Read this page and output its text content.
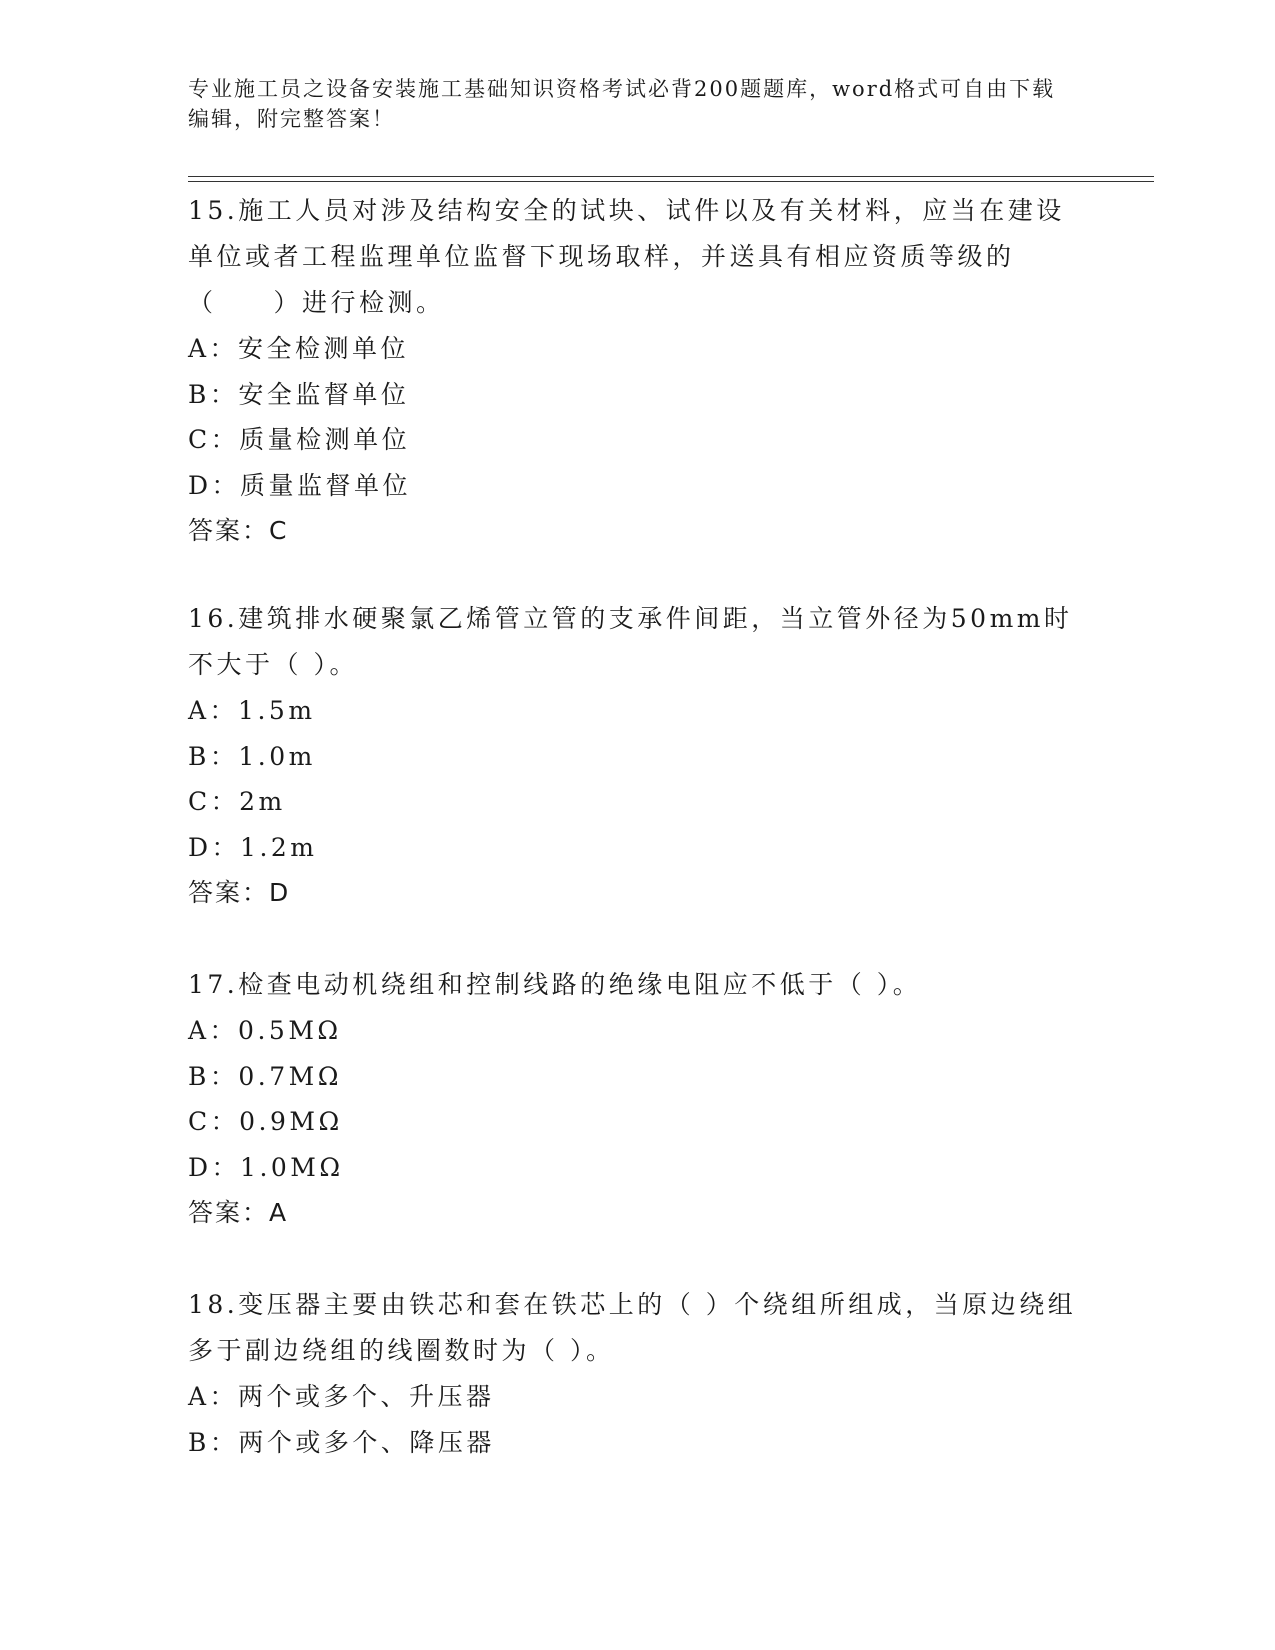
专业施工员之设备安装施工基础知识资格考试必背200题题库，word格式可自由下载编辑，附完整答案！

15.施工人员对涉及结构安全的试块、试件以及有关材料，应当在建设单位或者工程监理单位监督下现场取样，并送具有相应资质等级的（　　）进行检测。

A：安全检测单位

B：安全监督单位

C：质量检测单位

D：质量监督单位

答案：C

16.建筑排水硬聚氯乙烯管立管的支承件间距，当立管外径为50mm时不大于（ ）。

A：1.5m

B：1.0m

C：2m

D：1.2m

答案：D

17.检查电动机绕组和控制线路的绝缘电阻应不低于（ ）。

A：0.5MΩ

B：0.7MΩ

C：0.9MΩ

D：1.0MΩ

答案：A

18.变压器主要由铁芯和套在铁芯上的（ ）个绕组所组成，当原边绕组多于副边绕组的线圈数时为（ ）。

A：两个或多个、升压器

B：两个或多个、降压器
